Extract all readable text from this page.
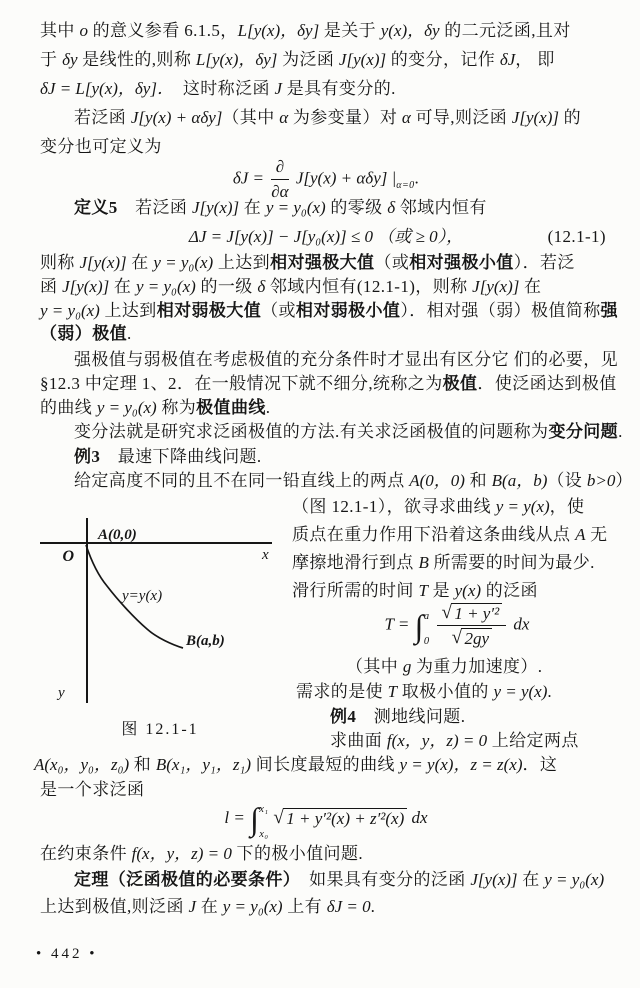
其中 o 的意义参看 6.1.5，L[y(x)，δy] 是关于 y(x)，δy 的二元泛函,且对
于 δy 是线性的,则称 L[y(x)，δy] 为泛函 J[y(x)] 的变分，记作 δJ， 即
δJ = L[y(x)，δy]．　这时称泛函 J 是具有变分的.
若泛函 J[y(x) + αδy]（其中 α 为参变量）对 α 可导,则泛函 J[y(x)] 的
变分也可定义为
$\delta J = \frac{\partial}{\partial\alpha} J[y(x) + \alpha\delta y]$ $|_{\alpha=0}$.
定义5　若泛函 J[y(x)] 在 y = y₀(x) 的零级 δ 邻域内恒有
ΔJ = J[y(x)] − J[y₀(x)] ≤ 0 （或 ≥ 0），	(12.1-1)
则称 J[y(x)] 在 y = y₀(x) 上达到相对强极大值（或相对强极小值）．若泛
函 J[y(x)] 在 y = y₀(x) 的一级 δ 邻域内恒有(12.1-1)，则称 J[y(x)] 在
y = y₀(x) 上达到相对弱极大值（或相对弱极小值）．相对强（弱）极值简称强
（弱）极值.
强极值与弱极值在考虑极值的充分条件时才显出有区分它 们的必要，见
§12.3 中定理 1、2．在一般情况下就不细分,统称之为极值．使泛函达到极值
的曲线 y = y₀(x) 称为极值曲线.
变分法就是研究求泛函极值的方法.有关求泛函极值的问题称为变分问题.
例3　最速下降曲线问题.
给定高度不同的且不在同一铅直线上的两点 A(0，0) 和 B(a，b)（设 b>0）
O
A(0,0)
x
y
y=y(x)
B(a,b)
图 12.1-1
（图 12.1-1），欲寻求曲线 y = y(x)，使
质点在重力作用下沿着这条曲线从点 A 无
摩擦地滑行到点 B 所需要的时间为最少.
滑行所需的时间 T 是 y(x) 的泛函
T = ∫ a
$0 \frac{\text{√ 1 + y′²}}{√ 2gy}$ dx
（其中 g 为重力加速度）.
需求的是使 T 取极小值的 y = y(x).
例4　测地线问题.
求曲面 f(x，y，z) = 0 上给定两点
A(x₀，y₀，z₀) 和 B(x₁，y₁，z₁) 间长度最短的曲线 y = y(x)，z = z(x)．这
是一个求泛函
l = ∫ x₁
x₀
√ 1 + y′²(x) + z′²(x) dx
在约束条件 f(x，y，z) = 0 下的极小值问题.
定理（泛函极值的必要条件）　如果具有变分的泛函 J[y(x)] 在 y = y₀(x)
上达到极值,则泛函 J 在 y = y₀(x) 上有 δJ = 0.
• 442 •
